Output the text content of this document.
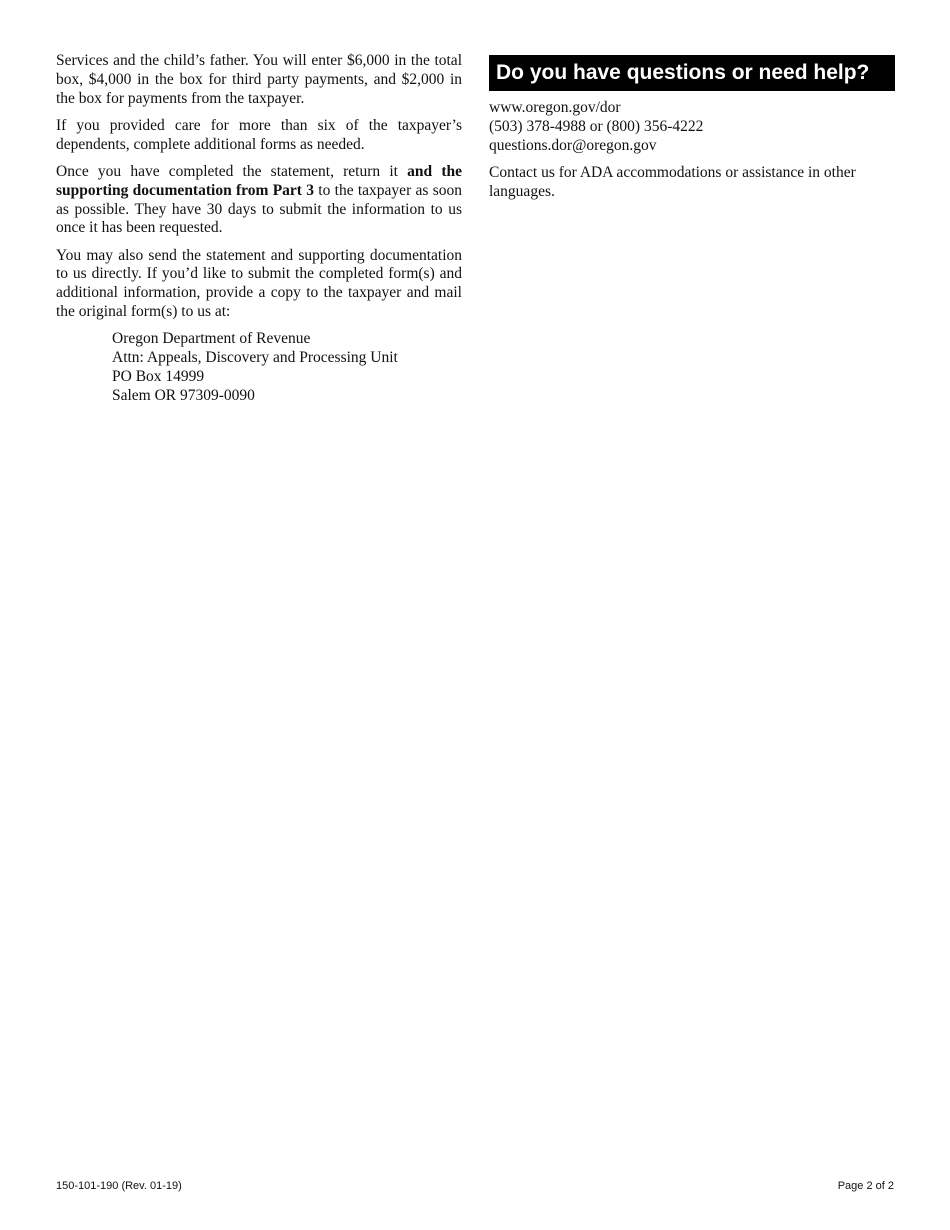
Services and the child’s father. You will enter $6,000 in the total box, $4,000 in the box for third party payments, and $2,000 in the box for payments from the taxpayer.

If you provided care for more than six of the taxpayer’s dependents, complete additional forms as needed.

Once you have completed the statement, return it and the supporting documentation from Part 3 to the taxpayer as soon as possible. They have 30 days to submit the information to us once it has been requested.

You may also send the statement and supporting documentation to us directly. If you’d like to submit the completed form(s) and additional information, provide a copy to the taxpayer and mail the original form(s) to us at:

Oregon Department of Revenue
Attn: Appeals, Discovery and Processing Unit
PO Box 14999
Salem OR 97309-0090
Do you have questions or need help?
www.oregon.gov/dor
(503) 378-4988 or (800) 356-4222
questions.dor@oregon.gov

Contact us for ADA accommodations or assistance in other languages.

150-101-190 (Rev. 01-19)	Page 2 of 2
